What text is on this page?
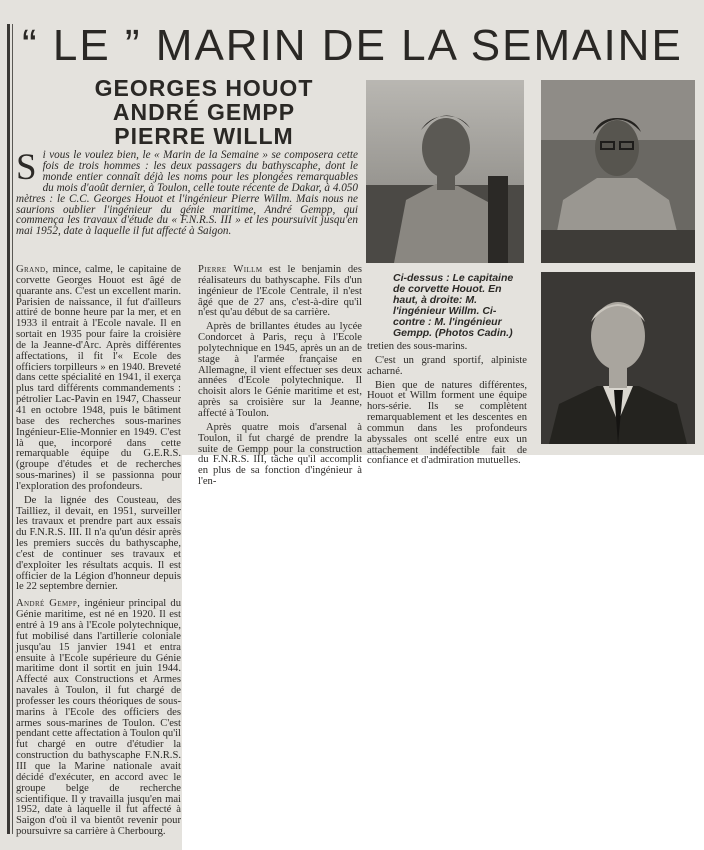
“ LE ” MARIN DE LA SEMAINE
GEORGES HOUOT
ANDRÉ GEMPP
PIERRE WILLM
Si vous le voulez bien, le « Marin de la Semaine » se composera cette fois de trois hommes : les deux passagers du bathyscaphe, dont le monde entier connaît déjà les noms pour les plongées remarquables du mois d'août dernier, à Toulon, celle toute récente de Dakar, à 4.050 mètres : le C.C. Georges Houot et l'ingénieur Pierre Willm. Mais nous ne saurions oublier l'ingénieur du génie maritime, André Gempp, qui commença les travaux d'étude du « F.N.R.S. III » et les poursuivit jusqu'en mai 1952, date à laquelle il fut affecté à Saigon.

Grand, mince, calme, le capitaine de corvette Georges Houot est âgé de quarante ans. C'est un excellent marin. Parisien de naissance, il fut d'ailleurs attiré de bonne heure par la mer, et en 1933 il entrait à l'Ecole navale. Il en sortait en 1935 pour faire la croisière de la Jeanne-d'Arc. Après différentes affectations, il fit l'« Ecole des officiers torpilleurs » en 1940. Breveté dans cette spécialité en 1941, il exerça plus tard différents commandements : pétrolier Lac-Pavin en 1947, Chasseur 41 en octobre 1948, puis le bâtiment base des recherches sous-marines Ingénieur-Elie-Monnier en 1949. C'est là que, incorporé dans cette remarquable équipe du G.E.R.S. (groupe d'études et de recherches sous-marines) il se passionna pour l'exploration des profondeurs.

De la lignée des Cousteau, des Tailliez, il devait, en 1951, surveiller les travaux et prendre part aux essais du F.N.R.S. III. Il n'a qu'un désir après les premiers succès du bathyscaphe, c'est de continuer ses travaux et d'exploiter les résultats acquis. Il est officier de la Légion d'honneur depuis le 22 septembre dernier.

André Gempp, ingénieur principal du Génie maritime, est né en 1920. Il est entré à 19 ans à l'Ecole polytechnique, fut mobilisé dans l'artillerie coloniale jusqu'au 15 janvier 1941 et entra ensuite à l'Ecole supérieure du Génie maritime dont il sortit en juin 1944. Affecté aux Constructions et Armes navales à Toulon, il fut chargé de professer les cours théoriques de sous-marins à l'Ecole des officiers des armes sous-marines de Toulon. C'est pendant cette affectation à Toulon qu'il fut chargé en outre d'étudier la construction du bathyscaphe F.N.R.S. III que la Marine nationale avait décidé d'exécuter, en accord avec le groupe belge de recherche scientifique. Il y travailla jusqu'en mai 1952, date à laquelle il fut affecté à Saigon d'où il va bientôt revenir pour poursuivre sa carrière à Cherbourg.

Pierre Willm est le benjamin des réalisateurs du bathyscaphe. Fils d'un ingénieur de l'Ecole Centrale, il n'est âgé que de 27 ans, c'est-à-dire qu'il n'est qu'au début de sa carrière.

Après de brillantes études au lycée Condorcet à Paris, reçu à l'Ecole polytechnique en 1945, après un an de stage à l'armée française en Allemagne, il vient effectuer ses deux années d'Ecole polytechnique. Il choisit alors le Génie maritime et est, après sa croisière sur la Jeanne, affecté à Toulon.

Après quatre mois d'arsenal à Toulon, il fut chargé de prendre la suite de Gempp pour la construction du F.N.R.S. III, tâche qu'il accomplit en plus de sa fonction d'ingénieur à l'en-

Ci-dessus : Le capitaine de corvette Houot. En haut, à droite: M. l'ingénieur Willm. Ci-contre : M. l'ingénieur Gempp. (Photos Cadin.)

tretien des sous-marins.

C'est un grand sportif, alpiniste acharné.

Bien que de natures différentes, Houot et Willm forment une équipe hors-série. Ils se complètent remarquablement et les descentes en commun dans les profondeurs abyssales ont scellé entre eux un attachement indéfectible fait de confiance et d'admiration mutuelles.
